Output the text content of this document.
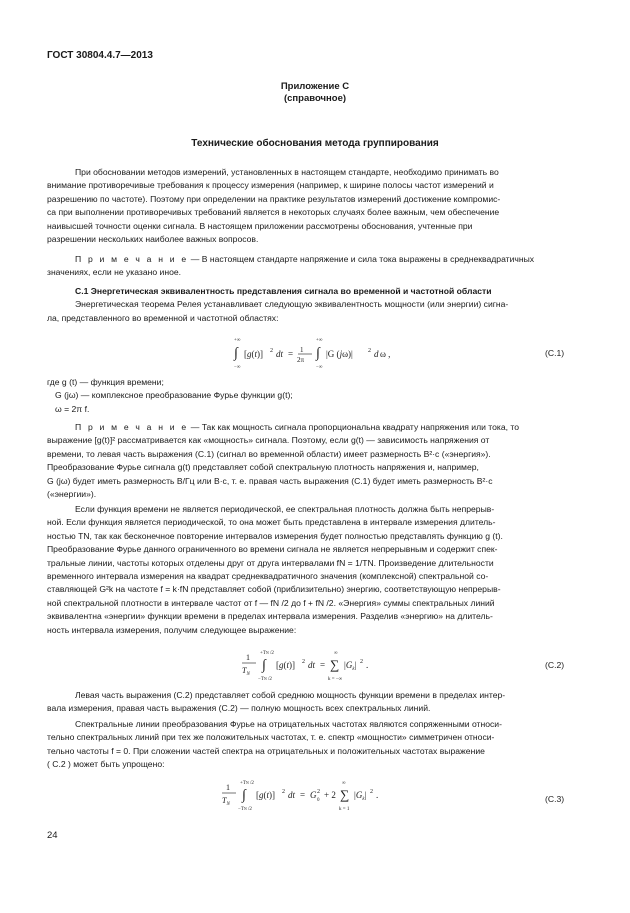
ГОСТ 30804.4.7—2013
Приложение С
(справочное)
Технические обоснования метода группирования
При обосновании методов измерений, установленных в настоящем стандарте, необходимо принимать во
внимание противоречивые требования к процессу измерения (например, к ширине полосы частот измерений и
разрешению по частоте). Поэтому при определении на практике результатов измерений достижение компромис-
са при выполнении противоречивых требований является в некоторых случаях более важным, чем обеспечение
наивысшей точности оценки сигнала. В настоящем приложении рассмотрены обоснования, учтенные при
разрешении нескольких наиболее важных вопросов.
П р и м е ч а н и е — В настоящем стандарте напряжение и сила тока выражены в среднеквадратичных
значениях, если не указано иное.
С.1 Энергетическая эквивалентность представления сигнала во временной и частотной области
Энергетическая теорема Релея устанавливает следующую эквивалентность мощности (или энергии) сигна-
ла, представленного во временной и частотной областях:
+∞
∫
−∞
[g(t)] 2 dt = 1
2π
+∞
∫
−∞
|G (jω)|	2 d ω ,	(С.1)
где g (t) — функция времени;
G (jω) — комплексное преобразование Фурье функции g(t);
ω = 2π f.
П р и м е ч а н и е — Так как мощность сигнала пропорциональна квадрату напряжения или тока, то
выражение [g(t)]² рассматривается как «мощность» сигнала. Поэтому, если g(t) — зависимость напряжения от
времени, то левая часть выражения (С.1) (сигнал во временной области) имеет размерность В²·с («энергия»).
Преобразование Фурье сигнала g(t) представляет собой спектральную плотность напряжения и, например,
G (jω) будет иметь размерность В/Гц или В·с, т. е. правая часть выражения (С.1) будет иметь размерность В²·с
(«энергии»).
Если функция времени не является периодической, ее спектральная плотность должна быть непрерыв-
ной. Если функция является периодической, то она может быть представлена в интервале измерения длитель-
ностью TN, так как бесконечное повторение интервалов измерения будет полностью представлять функцию g (t).
Преобразование Фурье данного ограниченного во времени сигнала не является непрерывным и содержит спек-
тральные линии, частоты которых отделены друг от друга интервалами fN = 1/TN. Произведение длительности
временного интервала измерения на квадрат среднеквадратичного значения (комплексной) спектральной со-
ставляющей G²k на частоте f = k·fN представляет собой (приблизительно) энергию, соответствующую непрерыв-
ной спектральной плотности в интервале частот от f — fN /2 до f + fN /2. «Энергия» суммы спектральных линий
эквивалентна «энергии» функции времени в пределах интервала измерения. Разделив «энергию» на длитель-
ность интервала измерения, получим следующее выражение:
1
$T_N$
+TN /2
∫
−TN /2
[g(t)] 2 dt =
∞
∑
k = −∞
$|G_k|$ 2 .	(С.2)
Левая часть выражения (С.2) представляет собой среднюю мощность функции времени в пределах интер-
вала измерения, правая часть выражения (С.2) — полную мощность всех спектральных линий.
Спектральные линии преобразования Фурье на отрицательных частотах являются сопряженными относи-
тельно спектральных линий при тех же положительных частотах, т. е. спектр «мощности» симметричен относи-
тельно частоты f = 0. При сложении частей спектра на отрицательных и положительных частотах выражение
( С.2 ) может быть упрощено:
1
$T_N$
+TN /2
∫
−TN /2
[g(t)] 2 dt = G 2
0
+ 2
∞
∑
k = 1
$|G_k|$ 2 .	(С.3)
24
